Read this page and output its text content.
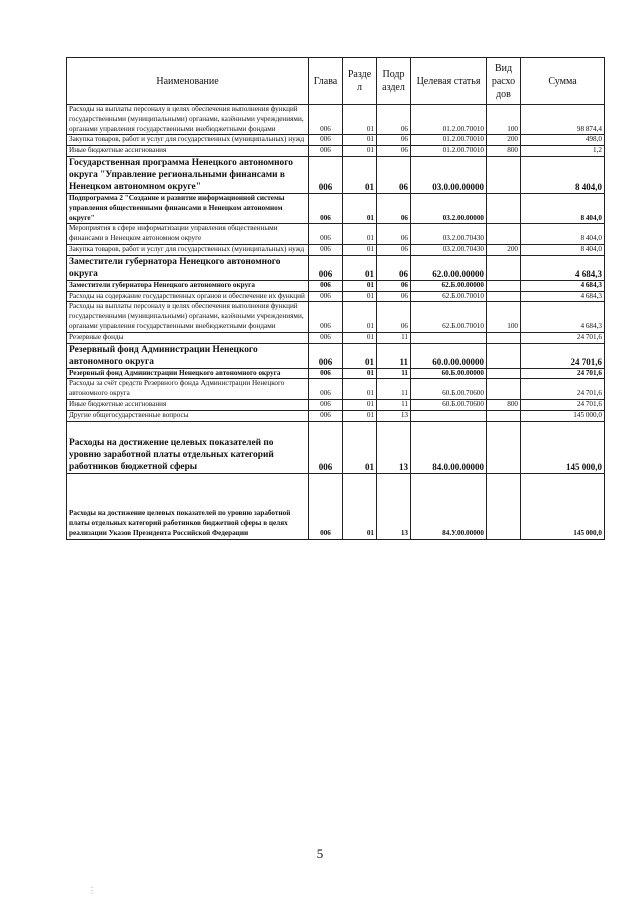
Наименование	Глава	Разде л	Подр аздел	Целевая статья	Вид расхо дов	Сумма
Расходы на выплаты персоналу в целях обеспечения выполнения функций государственными (муниципальными) органами, казёнными учреждениями, органами управления государственными внебюджетными фондами	006	01	06	01.2.00.70010	100	98 874,4
Закупка товаров, работ и услуг для государственных (муниципальных) нужд	006	01	06	01.2.00.70010	200	498,0
Иные бюджетные ассигнования	006	01	06	01.2.00.70010	800	1,2
Государственная программа Ненецкого автономного округа "Управление региональными финансами в Ненецком автономном округе"	006	01	06	03.0.00.00000		8 404,0
Подпрограмма 2 "Создание и развитие информационной системы управления общественными финансами в Ненецком автономном округе"	006	01	06	03.2.00.00000		8 404,0
Мероприятия в сфере информатизации управления общественными финансами в Ненецком автономном округе	006	01	06	03.2.00.70430		8 404,0
Закупка товаров, работ и услуг для государственных (муниципальных) нужд	006	01	06	03.2.00.70430	200	8 404,0
Заместители губернатора Ненецкого автономного округа	006	01	06	62.0.00.00000		4 684,3
Заместители губернатора Ненецкого автономного округа	006	01	06	62.Б.00.00000		4 684,3
Расходы на содержание государственных органов и обеспечение их функций	006	01	06	62.Б.00.70010		4 684,3
Расходы на выплаты персоналу в целях обеспечения выполнения функций государственными (муниципальными) органами, казёнными учреждениями, органами управления государственными внебюджетными фондами	006	01	06	62.Б.00.70010	100	4 684,3
Резервные фонды	006	01	11			24 701,6
Резервный фонд Администрации Ненецкого автономного округа	006	01	11	60.0.00.00000		24 701,6
Резервный фонд Администрации Ненецкого автономного округа	006	01	11	60.Б.00.00000		24 701,6
Расходы за счёт средств Резервного фонда Администрации Ненецкого автономного округа	006	01	11	60.Б.00.70600		24 701,6
Иные бюджетные ассигнования	006	01	11	60.Б.00.70600	800	24 701,6
Другие общегосударственные вопросы	006	01	13			145 000,0
Расходы на достижение целевых показателей по уровню заработной платы отдельных категорий работников бюджетной сферы	006	01	13	84.0.00.00000		145 000,0
Расходы на достижение целевых показателей по уровню заработной платы отдельных категорий работников бюджетной сферы в целях реализации Указов Президента Российской Федерации	006	01	13	84.У.00.00000		145 000,0
5
⋮
